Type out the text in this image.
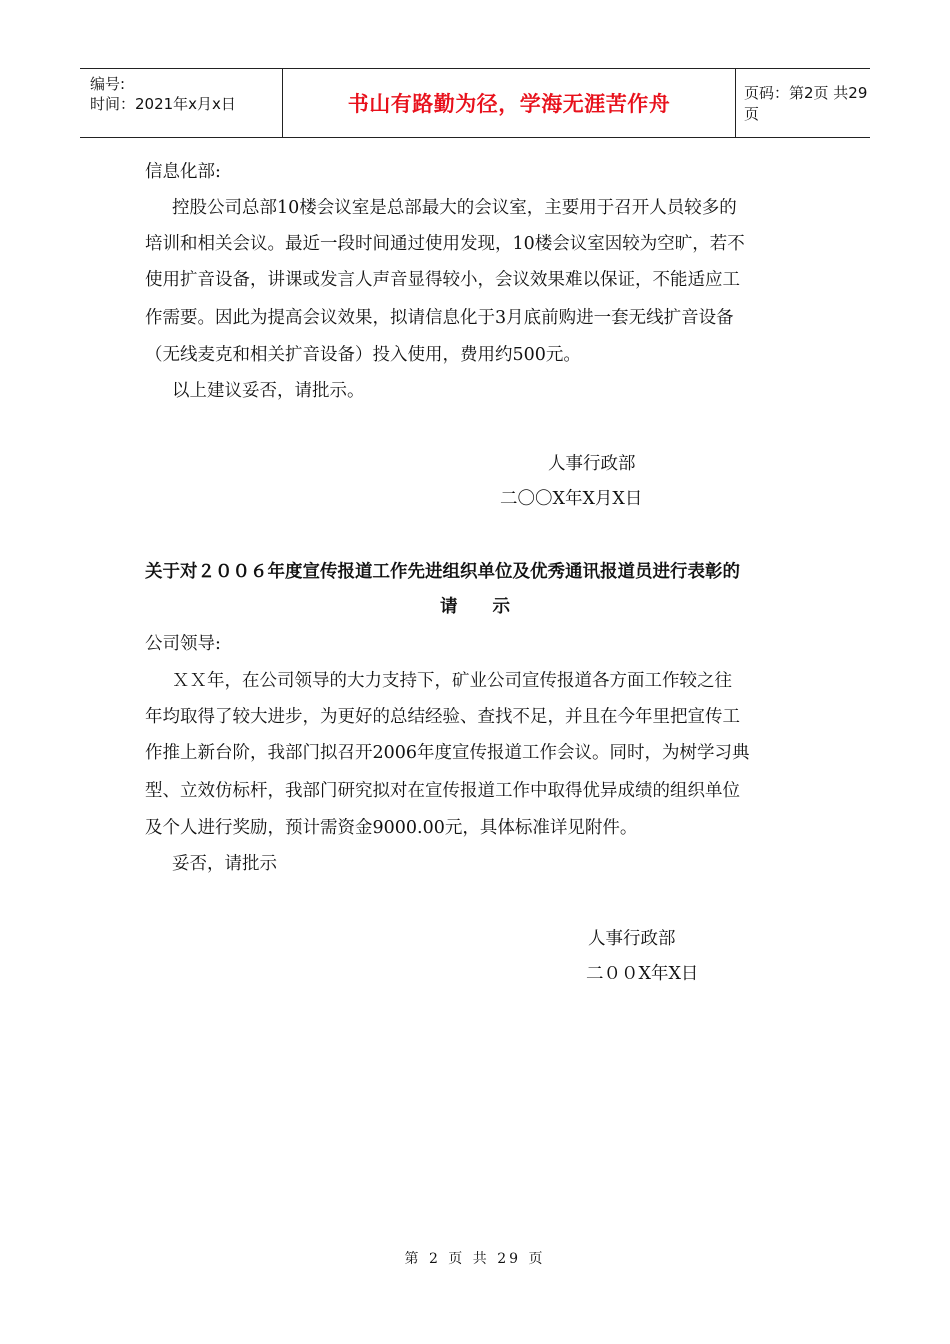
编号:
时间：2021年x月x日	书山有路勤为径，学海无涯苦作舟	页码：第2页 共29页
信息化部:
控股公司总部10楼会议室是总部最大的会议室，主要用于召开人员较多的
培训和相关会议。最近一段时间通过使用发现，10楼会议室因较为空旷，若不
使用扩音设备，讲课或发言人声音显得较小，会议效果难以保证，不能适应工
作需要。因此为提高会议效果，拟请信息化于3月底前购进一套无线扩音设备
（无线麦克和相关扩音设备）投入使用，费用约500元。
以上建议妥否，请批示。
人事行政部
二〇〇X年X月X日
关于对２００６年度宣传报道工作先进组织单位及优秀通讯报道员进行表彰的
请　　示
公司领导:
ＸＸ年，在公司领导的大力支持下，矿业公司宣传报道各方面工作较之往
年均取得了较大进步，为更好的总结经验、查找不足，并且在今年里把宣传工
作推上新台阶，我部门拟召开2006年度宣传报道工作会议。同时，为树学习典
型、立效仿标杆，我部门研究拟对在宣传报道工作中取得优异成绩的组织单位
及个人进行奖励，预计需资金9000.00元，具体标准详见附件。
妥否，请批示
人事行政部
二００X年X日
第 2 页 共 29 页
